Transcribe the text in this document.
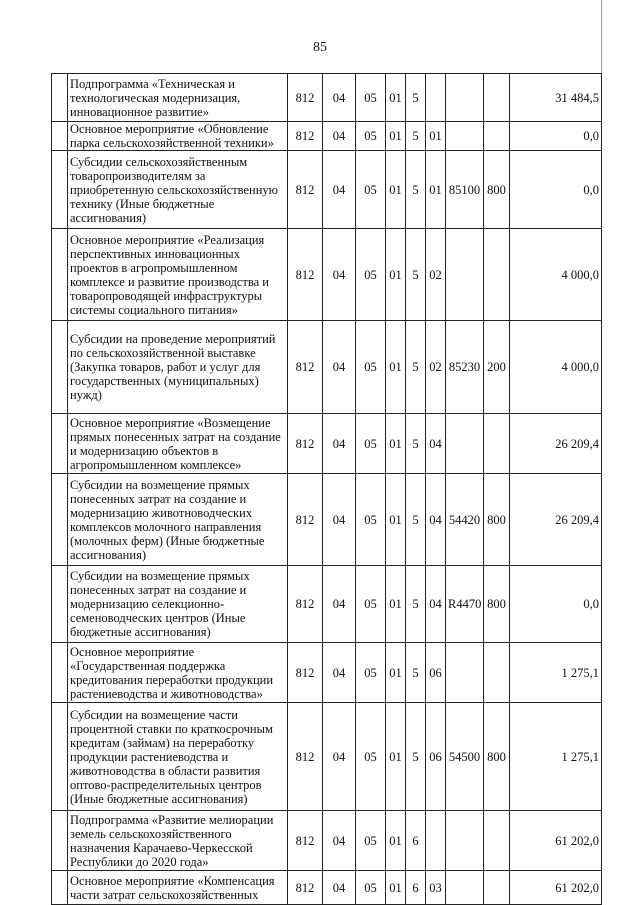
85
	Подпрограмма «Техническая и технологическая модернизация, инновационное развитие»	812	04	05	01	5				31 484,5
	Основное мероприятие «Обновление парка сельскохозяйственной техники»	812	04	05	01	5	01			0,0
	Субсидии сельскохозяйственным товаропроизводителям за приобретенную сельскохозяйственную технику (Иные бюджетные ассигнования)	812	04	05	01	5	01	85100	800	0,0
	Основное мероприятие «Реализация перспективных инновационных проектов в агропромышленном комплексе и развитие производства и товаропроводящей инфраструктуры системы социального питания»	812	04	05	01	5	02			4 000,0
	Субсидии на проведение мероприятий по сельскохозяйственной выставке (Закупка товаров, работ и услуг для государственных (муниципальных) нужд)	812	04	05	01	5	02	85230	200	4 000,0
	Основное мероприятие «Возмещение прямых понесенных затрат на создание и модернизацию объектов в агропромышленном комплексе»	812	04	05	01	5	04			26 209,4
	Субсидии на возмещение прямых понесенных затрат на создание и модернизацию животноводческих комплексов молочного направления (молочных ферм) (Иные бюджетные ассигнования)	812	04	05	01	5	04	54420	800	26 209,4
	Субсидии на возмещение прямых понесенных затрат на создание и модернизацию селекционно-семеноводческих центров (Иные бюджетные ассигнования)	812	04	05	01	5	04	R4470	800	0,0
	Основное мероприятие «Государственная поддержка кредитования переработки продукции растениеводства и животноводства»	812	04	05	01	5	06			1 275,1
	Субсидии на возмещение части процентной ставки по краткосрочным кредитам (займам) на переработку продукции растениеводства и животноводства в области развития оптово-распределительных центров (Иные бюджетные ассигнования)	812	04	05	01	5	06	54500	800	1 275,1
	Подпрограмма «Развитие мелиорации земель сельскохозяйственного назначения Карачаево-Черкесской Республики до 2020 года»	812	04	05	01	6				61 202,0
	Основное мероприятие «Компенсация части затрат сельскохозяйственных	812	04	05	01	6	03			61 202,0
